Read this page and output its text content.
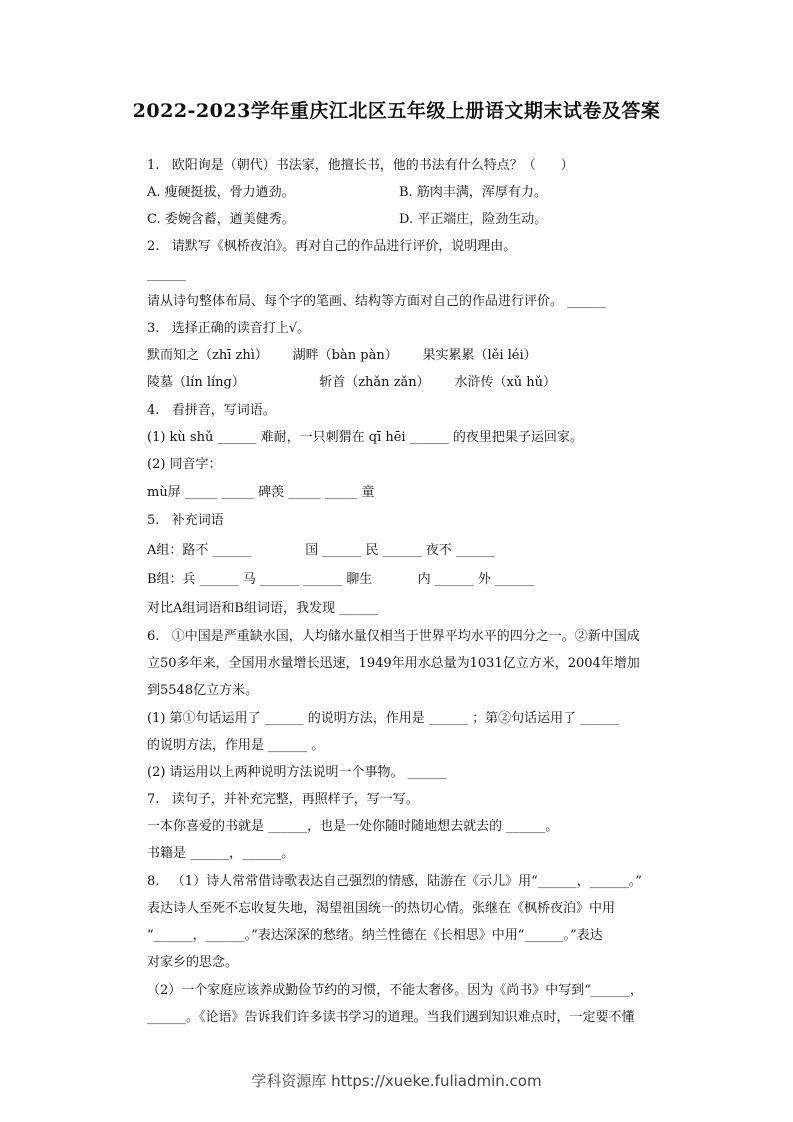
2022-2023学年重庆江北区五年级上册语文期末试卷及答案
1.   欧阳询是（朝代）书法家，他擅长书，他的书法有什么特点？（      ）
A. 瘦硬挺拔，骨力遒劲。	B. 筋肉丰满，浑厚有力。
C. 委婉含蓄，遒美健秀。	D. 平正端庄，险劲生动。
2.   请默写《枫桥夜泊》。再对自己的作品进行评价，说明理由。
______
请从诗句整体布局、每个字的笔画、结构等方面对自己的作品进行评价。 ______
3.   选择正确的读音打上√。
默而知之（zhī zhì）      湖畔（bàn pàn）      果实累累（lěi léi）
陵墓（lín líng）                  斩首（zhǎn zǎn）      水浒传（xǔ hǔ）
4.   看拼音，写词语。
(1) kù shǔ ______ 难耐，一只刺猬在 qī hēi ______ 的夜里把果子运回家。
(2) 同音字：
mù屏 _____ _____ 碑羡 _____ _____ 童
5.   补充词语
A组：路不 ______             国 ______ 民 ______ 夜不 ______
B组：兵 ______ 马 ______ ______ 聊生           内 ______ 外 ______
对比A组词语和B组词语，我发现 ______
6.   ①中国是严重缺水国，人均储水量仅相当于世界平均水平的四分之一。②新中国成
立50多年来，全国用水量增长迅速，1949年用水总量为1031亿立方米，2004年增加
到5548亿立方米。
(1) 第①句话运用了 ______ 的说明方法，作用是 ______ ；第②句话运用了 ______
的说明方法，作用是 ______ 。
(2) 请运用以上两种说明方法说明一个事物。 ______
7.   读句子，并补充完整，再照样子，写一写。
一本你喜爱的书就是 ______，也是一处你随时随地想去就去的 ______。
书籍是 ______，______。
8.   （1）诗人常常借诗歌表达自己强烈的情感，陆游在《示儿》用“______，______。”
表达诗人至死不忘收复失地，渴望祖国统一的热切心情。张继在《枫桥夜泊》中用
“______，______。”表达深深的愁绪。纳兰性德在《长相思》中用“______。”表达
对家乡的思念。
（2）一个家庭应该养成勤俭节约的习惯，不能太奢侈。因为《尚书》中写到“______，
______。《论语》告诉我们许多读书学习的道理。当我们遇到知识难点时，一定要不懂
学科资源库 https://xueke.fuliadmin.com
